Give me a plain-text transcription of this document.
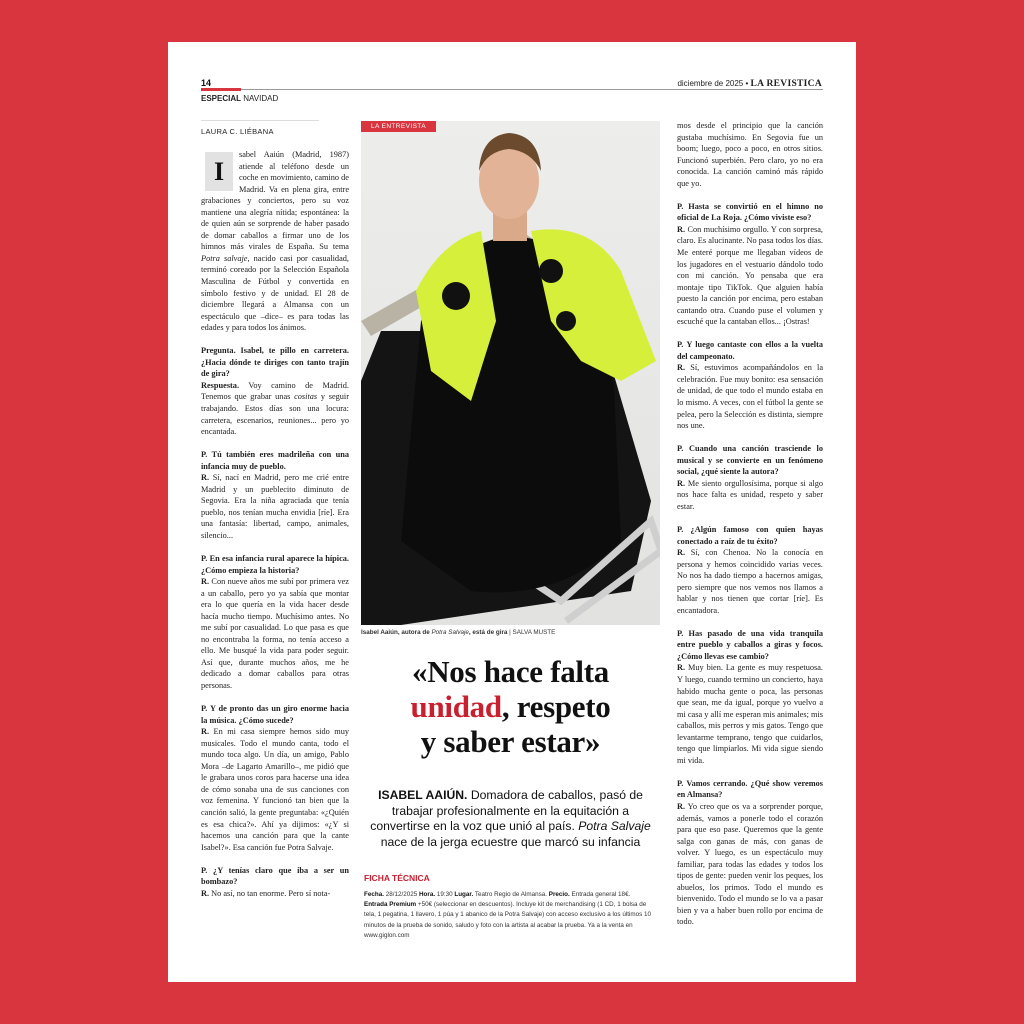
14
ESPECIAL NAVIDAD
diciembre de 2025 • LA REVISTICA
LAURA C. LIÉBANA

I
sabel Aaiún (Madrid, 1987) atiende al teléfono desde un coche en movimiento, camino de Madrid. Va en plena gira, entre grabaciones y conciertos, pero su voz mantiene una alegría nítida; espontánea: la de quien aún se sorprende de haber pasado de domar caballos a firmar uno de los himnos más virales de España. Su tema Potra salvaje, nacido casi por casualidad, terminó coreado por la Selección Española Masculina de Fútbol y convertida en símbolo festivo y de unidad. El 28 de diciembre llegará a Almansa con un espectáculo que –dice– es para todas las edades y para todos los ánimos.

Pregunta. Isabel, te pillo en carretera. ¿Hacia dónde te diriges con tanto trajín de gira?
Respuesta. Voy camino de Madrid. Tenemos que grabar unas cositas y seguir trabajando. Estos días son una locura: carretera, escenarios, reuniones... pero yo encantada.

P. Tú también eres madrileña con una infancia muy de pueblo.
R. Sí, nací en Madrid, pero me crié entre Madrid y un pueblecito diminuto de Segovia. Era la niña agraciada que tenía pueblo, nos tenían mucha envidia [ríe]. Era una fantasía: libertad, campo, animales, silencio...

P. En esa infancia rural aparece la hípica. ¿Cómo empieza la historia?
R. Con nueve años me subí por primera vez a un caballo, pero yo ya sabía que montar era lo que quería en la vida hacer desde hacía mucho tiempo. Muchísimo antes. No me subí por casualidad. Lo que pasa es que no encontraba la forma, no tenía acceso a ello. Me busqué la vida para poder seguir. Así que, durante muchos años, me he dedicado a domar caballos para otras personas.

P. Y de pronto das un giro enorme hacia la música. ¿Cómo sucede?
R. En mi casa siempre hemos sido muy musicales. Todo el mundo canta, todo el mundo toca algo. Un día, un amigo, Pablo Mora –de Lagarto Amarillo–, me pidió que le grabara unos coros para hacerse una idea de cómo sonaba una de sus canciones con voz femenina. Y funcionó tan bien que la canción salió, la gente preguntaba: «¿Quién es esa chica?». Ahí ya dijimos: «¿Y si hacemos una canción para que la cante Isabel?». Esa canción fue Potra Salvaje.

P. ¿Y tenías claro que iba a ser un bombazo?
R. No así, no tan enorme. Pero sí nota-

LA ENTREVISTA
Isabel Aaiún, autora de Potra Salvaje, está de gira | SALVA MUSTE
«Nos hace falta
unidad, respeto
y saber estar»
ISABEL AAIÚN. Domadora de caballos, pasó de trabajar profesionalmente en la equitación a convertirse en la voz que unió al país. Potra Salvaje nace de la jerga ecuestre que marcó su infancia
FICHA TÉCNICA
Fecha. 28/12/2025 Hora. 19:30 Lugar. Teatro Regio de Almansa. Precio. Entrada general 18€. Entrada Premium +50€ (seleccionar en descuentos). Incluye kit de merchandising (1 CD, 1 bolsa de tela, 1 pegatina, 1 llavero, 1 púa y 1 abanico de la Potra Salvaje) con acceso exclusivo a los últimos 10 minutos de la prueba de sonido, saludo y foto con la artista al acabar la prueba. Ya a la venta en www.giglon.com

mos desde el principio que la canción gustaba muchísimo. En Segovia fue un boom; luego, poco a poco, en otros sitios. Funcionó superbién. Pero claro, yo no era conocida. La canción caminó más rápido que yo.

P. Hasta se convirtió en el himno no oficial de La Roja. ¿Cómo viviste eso?
R. Con muchísimo orgullo. Y con sorpresa, claro. Es alucinante. No pasa todos los días. Me enteré porque me llegaban vídeos de los jugadores en el vestuario dándolo todo con mi canción. Yo pensaba que era montaje tipo TikTok. Que alguien había puesto la canción por encima, pero estaban cantando otra. Cuando puse el volumen y escuché que la cantaban ellos... ¡Ostras!

P. Y luego cantaste con ellos a la vuelta del campeonato.
R. Sí, estuvimos acompañándolos en la celebración. Fue muy bonito: esa sensación de unidad, de que todo el mundo estaba en lo mismo. A veces, con el fútbol la gente se pelea, pero la Selección es distinta, siempre nos une.

P. Cuando una canción trasciende lo musical y se convierte en un fenómeno social, ¿qué siente la autora?
R. Me siento orgullosísima, porque si algo nos hace falta es unidad, respeto y saber estar.

P. ¿Algún famoso con quien hayas conectado a raíz de tu éxito?
R. Sí, con Chenoa. No la conocía en persona y hemos coincidido varias veces. No nos ha dado tiempo a hacernos amigas, pero siempre que nos vemos nos llamos a hablar y nos tienen que cortar [ríe]. Es encantadora.

P. Has pasado de una vida tranquila entre pueblo y caballos a giras y focos. ¿Cómo llevas ese cambio?
R. Muy bien. La gente es muy respetuosa. Y luego, cuando termino un concierto, haya habido mucha gente o poca, las personas que sean, me da igual, porque yo vuelvo a mi casa y allí me esperan mis animales; mis caballos, mis perros y mis gatos. Tengo que levantarme temprano, tengo que cuidarlos, tengo que limpiarlos. Mi vida sigue siendo mi vida.

P. Vamos cerrando. ¿Qué show veremos en Almansa?
R. Yo creo que os va a sorprender porque, además, vamos a ponerle todo el corazón para que eso pase. Queremos que la gente salga con ganas de más, con ganas de volver. Y luego, es un espectáculo muy familiar, para todas las edades y todos los tipos de gente: pueden venir los peques, los abuelos, los primos. Todo el mundo es bienvenido. Todo el mundo se lo va a pasar bien y va a haber buen rollo por encima de todo.
